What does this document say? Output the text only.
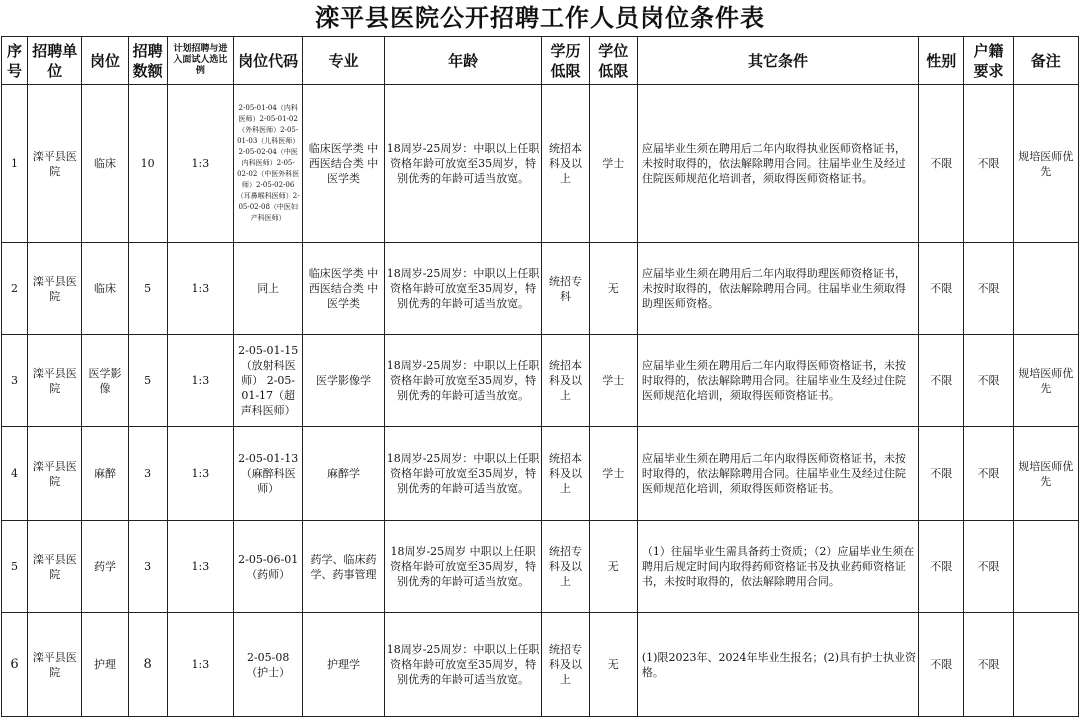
滦平县医院公开招聘工作人员岗位条件表
序号	招聘单位	岗位	招聘数额	计划招聘与进入面试人选比例	岗位代码	专业	年龄	学历低限	学位低限	其它条件	性别	户籍要求	备注
1	滦平县医院	临床	10	1:3	2-05-01-04（内科医师）2-05-01-02（外科医师）2-05-01-03（儿科医师）2-05-02-04（中医内科医师）2-05-02-02（中医外科医师）2-05-02-06（耳鼻喉科医师）2-05-02-08（中医妇产科医师）	临床医学类 中西医结合类 中医学类	18周岁-25周岁：中职以上任职资格年龄可放宽至35周岁，特别优秀的年龄可适当放宽。	统招本科及以上	学士	应届毕业生须在聘用后二年内取得执业医师资格证书，未按时取得的，依法解除聘用合同。往届毕业生及经过住院医师规范化培训者，须取得医师资格证书。	不限	不限	规培医师优先
2	滦平县医院	临床	5	1:3	同上	临床医学类 中西医结合类 中医学类	18周岁-25周岁：中职以上任职资格年龄可放宽至35周岁，特别优秀的年龄可适当放宽。	统招专科	无	应届毕业生须在聘用后二年内取得助理医师资格证书，未按时取得的，依法解除聘用合同。往届毕业生须取得助理医师资格。	不限	不限	
3	滦平县医院	医学影像	5	1:3	2-05-01-15（放射科医师） 2-05-01-17（超声科医师）	医学影像学	18周岁-25周岁：中职以上任职资格年龄可放宽至35周岁，特别优秀的年龄可适当放宽。	统招本科及以上	学士	应届毕业生须在聘用后二年内取得医师资格证书，未按时取得的，依法解除聘用合同。往届毕业生及经过住院医师规范化培训，须取得医师资格证书。	不限	不限	规培医师优先
4	滦平县医院	麻醉	3	1:3	2-05-01-13（麻醉科医师）	麻醉学	18周岁-25周岁：中职以上任职资格年龄可放宽至35周岁，特别优秀的年龄可适当放宽。	统招本科及以上	学士	应届毕业生须在聘用后二年内取得医师资格证书，未按时取得的，依法解除聘用合同。往届毕业生及经过住院医师规范化培训，须取得医师资格证书。	不限	不限	规培医师优先
5	滦平县医院	药学	3	1:3	2-05-06-01（药师）	药学、临床药学、药事管理	18周岁-25周岁 中职以上任职资格年龄可放宽至35周岁，特别优秀的年龄可适当放宽。	统招专科及以上	无	（1）往届毕业生需具备药士资质；（2）应届毕业生须在聘用后规定时间内取得药师资格证书及执业药师资格证书，未按时取得的，依法解除聘用合同。	不限	不限	
6	滦平县医院	护理	8	1:3	2-05-08（护士）	护理学	18周岁-25周岁：中职以上任职资格年龄可放宽至35周岁，特别优秀的年龄可适当放宽。	统招专科及以上	无	(1)限2023年、2024年毕业生报名；(2)具有护士执业资格。	不限	不限	
